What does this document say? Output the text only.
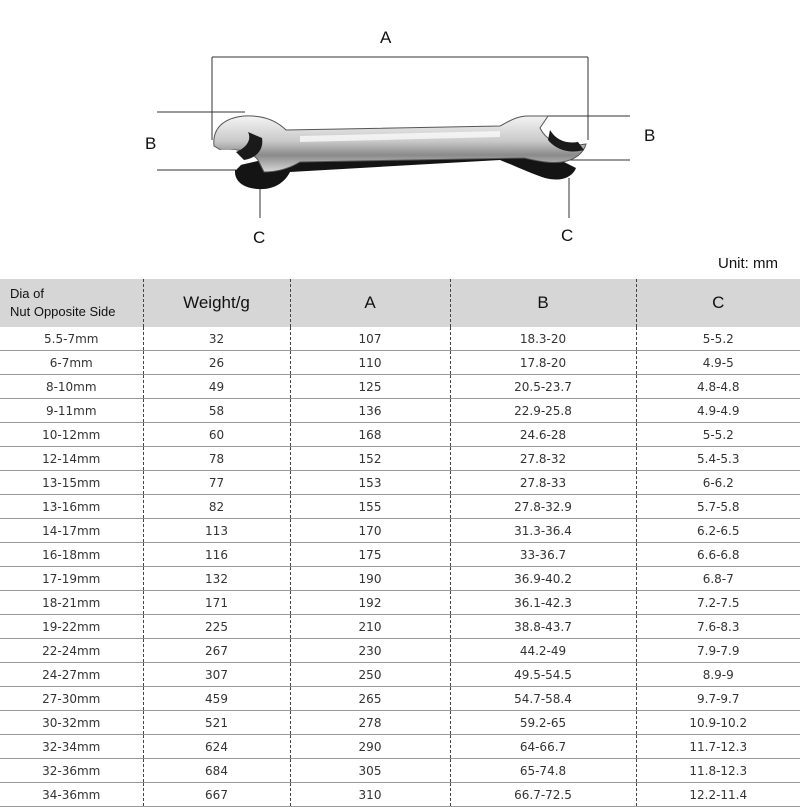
A
B	B
C	C
Unit: mm
Dia of
Nut Opposite Side	Weight/g	A	B	C
5.5-7mm	32	107	18.3-20	5-5.2
6-7mm	26	110	17.8-20	4.9-5
8-10mm	49	125	20.5-23.7	4.8-4.8
9-11mm	58	136	22.9-25.8	4.9-4.9
10-12mm	60	168	24.6-28	5-5.2
12-14mm	78	152	27.8-32	5.4-5.3
13-15mm	77	153	27.8-33	6-6.2
13-16mm	82	155	27.8-32.9	5.7-5.8
14-17mm	113	170	31.3-36.4	6.2-6.5
16-18mm	116	175	33-36.7	6.6-6.8
17-19mm	132	190	36.9-40.2	6.8-7
18-21mm	171	192	36.1-42.3	7.2-7.5
19-22mm	225	210	38.8-43.7	7.6-8.3
22-24mm	267	230	44.2-49	7.9-7.9
24-27mm	307	250	49.5-54.5	8.9-9
27-30mm	459	265	54.7-58.4	9.7-9.7
30-32mm	521	278	59.2-65	10.9-10.2
32-34mm	624	290	64-66.7	11.7-12.3
32-36mm	684	305	65-74.8	11.8-12.3
34-36mm	667	310	66.7-72.5	12.2-11.4
